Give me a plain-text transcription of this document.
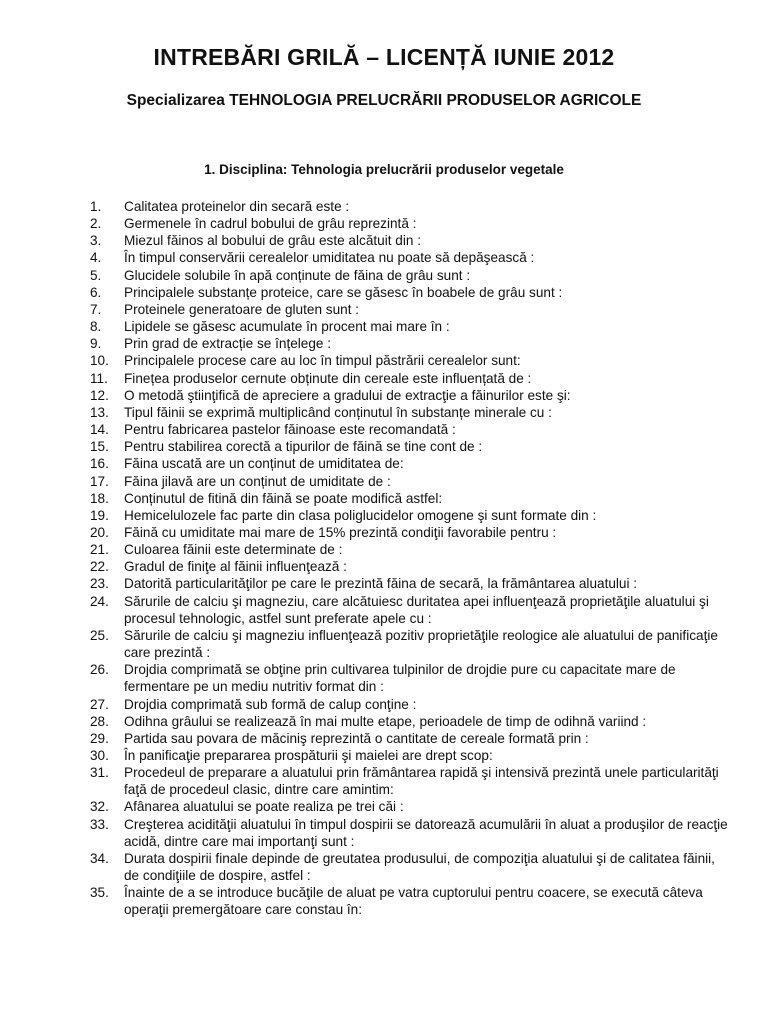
INTREBĂRI GRILĂ – LICENȚĂ IUNIE 2012
Specializarea TEHNOLOGIA PRELUCRĂRII PRODUSELOR AGRICOLE
1. Disciplina: Tehnologia prelucrării produselor vegetale
1. Calitatea proteinelor din secară este :
2. Germenele în cadrul bobului de grâu reprezintă :
3. Miezul făinos al bobului de grâu este alcătuit din :
4. În timpul conservării cerealelor umiditatea nu poate să depăşească :
5. Glucidele solubile în apă conținute de făina de grâu sunt :
6. Principalele substanțe proteice, care se găsesc în boabele de grâu sunt :
7. Proteinele generatoare de gluten sunt :
8. Lipidele se găsesc acumulate în procent mai mare în :
9. Prin grad de extracție se înțelege :
10. Principalele procese care au loc în timpul păstrării cerealelor sunt:
11. Finețea produselor cernute obținute din cereale este influențată de :
12. O metodă ştiinţifică de apreciere a gradului de extracţie a făinurilor este şi:
13. Tipul făinii se exprimă multiplicând conținutul în substanțe minerale cu :
14. Pentru fabricarea pastelor făinoase este recomandată :
15. Pentru stabilirea corectă a tipurilor de făină se tine cont de :
16. Făina uscată are un conținut de umiditatea de:
17. Făina jilavă are un conținut de umiditate de :
18. Conținutul de fitină din făină se poate modifică astfel:
19. Hemicelulozele fac parte din clasa poliglucidelor omogene şi sunt formate din :
20. Făină cu umiditate mai mare de 15% prezintă condiţii favorabile pentru :
21. Culoarea făinii este determinate de :
22. Gradul de finiţe al făinii influenţează :
23. Datorită particularităţilor pe care le prezintă făina de secară, la frământarea aluatului :
24. Sărurile de calciu şi magneziu, care alcătuiesc duritatea apei influenţează proprietăţile aluatului şi procesul tehnologic, astfel sunt preferate apele cu :
25. Sărurile de calciu şi magneziu influenţează pozitiv proprietăţile reologice ale aluatului de panificaţie care prezintă :
26. Drojdia comprimată se obţine prin cultivarea tulpinilor de drojdie pure cu capacitate mare de fermentare pe un mediu nutritiv format din :
27. Drojdia comprimată sub formă de calup conţine :
28. Odihna grâului se realizează în mai multe etape, perioadele de timp de odihnă variind :
29. Partida sau povara de măciniş reprezintă o cantitate de cereale formată prin :
30. În panificaţie prepararea prospăturii şi maielei are drept scop:
31. Procedeul de preparare a aluatului prin frământarea rapidă şi intensivă prezintă unele particularităţi faţă de procedeul clasic, dintre care amintim:
32. Afânarea aluatului se poate realiza pe trei căi :
33. Creşterea acidităţii aluatului în timpul dospirii se datorează acumulării în aluat a produşilor de reacţie acidă, dintre care mai importanţi sunt :
34. Durata dospirii finale depinde de greutatea produsului, de compoziţia aluatului şi de calitatea făinii, de condiţiile de dospire, astfel :
35. Înainte de a se introduce bucăţile de aluat pe vatra cuptorului pentru coacere, se execută câteva operaţii premergătoare care constau în:
